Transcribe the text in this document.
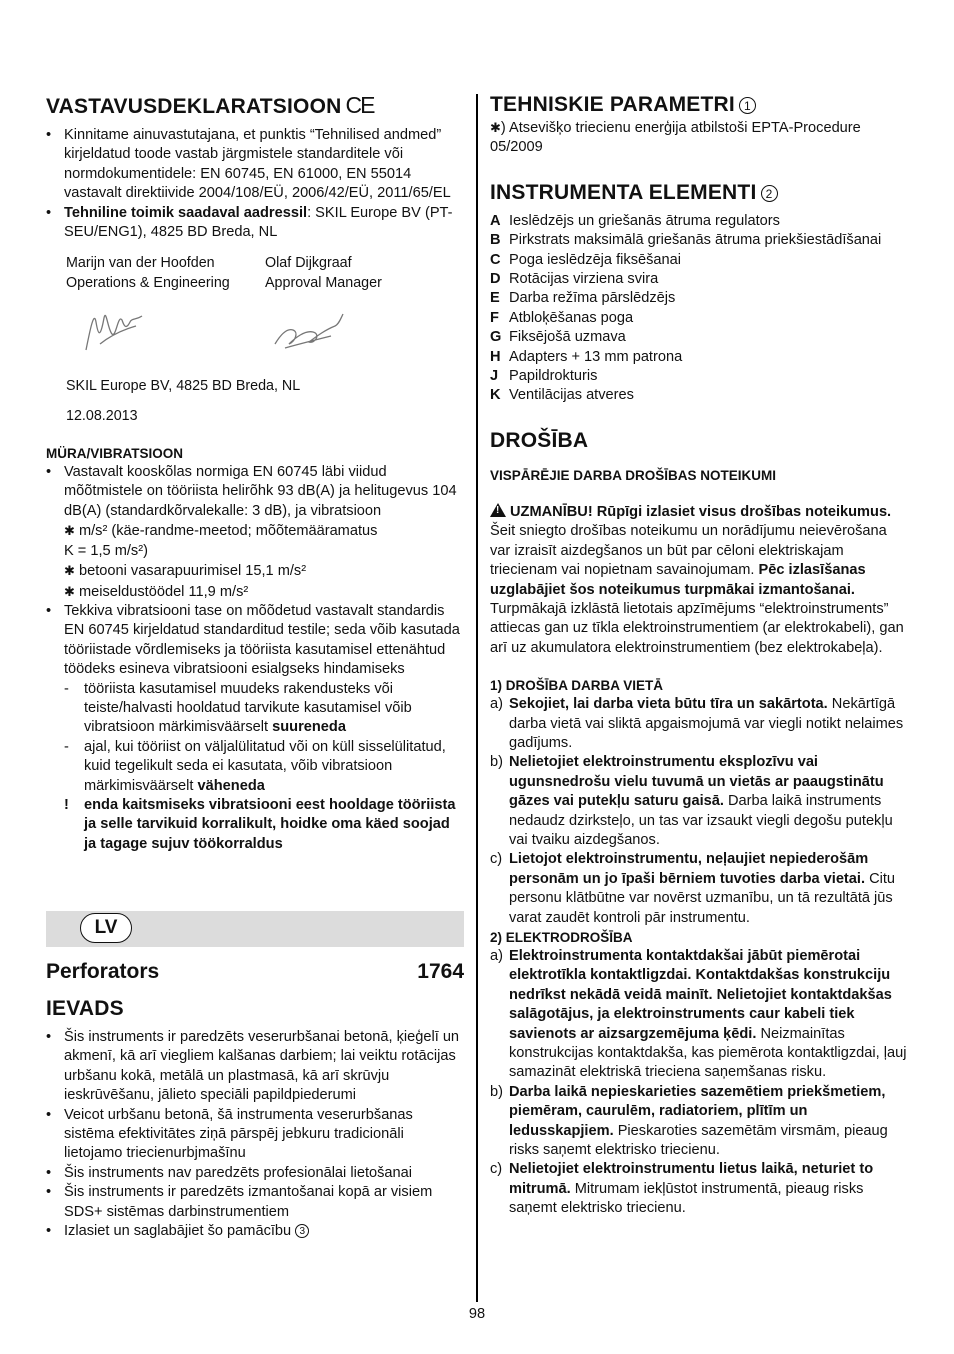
VASTAVUSDEKLARATSIOON CE
• Kinnitame ainuvastutajana, et punktis “Tehnilised andmed” kirjeldatud toode vastab järgmistele standarditele või normdokumentidele: EN 60745, EN 61000, EN 55014 vastavalt direktiivide 2004/108/EÜ, 2006/42/EÜ, 2011/65/EL
• Tehniline toimik saadaval aadressil: SKIL Europe BV (PT-SEU/ENG1), 4825 BD Breda, NL
Marijn van der Hoofden
Operations & Engineering
Olaf Dijkgraaf
Approval Manager
SKIL Europe BV, 4825 BD Breda, NL
12.08.2013
MÜRA/VIBRATSIOON
• Vastavalt kooskõlas normiga EN 60745 läbi viidud mõõtmistele on tööriista helirõhk 93 dB(A) ja helitugevus 104 dB(A) (standardkõrvalekalle: 3 dB), ja vibratsioon
✱ m/s² (käe-randme-meetod; mõõtemääramatus
K = 1,5 m/s²)
✱ betooni vasarapuurimisel 15,1 m/s²
✱ meiseldustöödel 11,9 m/s²
• Tekkiva vibratsiooni tase on mõõdetud vastavalt standardis EN 60745 kirjeldatud standarditud testile; seda võib kasutada tööriistade võrdlemiseks ja tööriista kasutamisel ettenähtud töödeks esineva vibratsiooni esialgseks hindamiseks
- tööriista kasutamisel muudeks rakendusteks või teiste/halvasti hooldatud tarvikute kasutamisel võib vibratsioon märkimisväärselt suureneda
- ajal, kui tööriist on väljalülitatud või on küll sisselülitatud, kuid tegelikult seda ei kasutata, võib vibratsioon märkimisväärselt väheneda
! enda kaitsmiseks vibratsiooni eest hooldage tööriista ja selle tarvikuid korralikult, hoidke oma käed soojad ja tagage sujuv töökorraldus
LV
Perforators	1764
IEVADS
• Šis instruments ir paredzēts veserurbšanai betonā, ķieģelī un akmenī, kā arī viegliem kalšanas darbiem; lai veiktu rotācijas urbšanu kokā, metālā un plastmasā, kā arī skrūvju ieskrūvēšanu, jālieto speciāli papildpiederumi
• Veicot urbšanu betonā, šā instrumenta veserurbšanas sistēma efektivitātes ziņā pārspēj jebkuru tradicionāli lietojamo triecienurbjmašīnu
• Šis instruments nav paredzēts profesionālai lietošanai
• Šis instruments ir paredzēts izmantošanai kopā ar visiem SDS+ sistēmas darbinstrumentiem
• Izlasiet un saglabājiet šo pamācību 3
TEHNISKIE PARAMETRI 1
✱) Atsevišķo triecienu enerģija atbilstoši EPTA-Procedure 05/2009
INSTRUMENTA ELEMENTI 2
A Ieslēdzējs un griešanās ātruma regulators
B Pirkstrats maksimālā griešanās ātruma priekšiestādīšanai
C Poga ieslēdzēja fiksēšanai
D Rotācijas virziena svira
E Darba režīma pārslēdzējs
F Atbloķēšanas poga
G Fiksējošā uzmava
H Adapters + 13 mm patrona
J Papildrokturis
K Ventilācijas atveres
DROŠĪBA
VISPĀRĒJIE DARBA DROŠĪBAS NOTEIKUMI
!UZMANĪBU! Rūpīgi izlasiet visus drošības noteikumus. Šeit sniegto drošības noteikumu un norādījumu neievērošana var izraisīt aizdegšanos un būt par cēloni elektriskajam triecienam vai nopietnam savainojumam. Pēc izlasīšanas uzglabājiet šos noteikumus turpmākai izmantošanai. Turpmākajā izklāstā lietotais apzīmējums “elektroinstruments” attiecas gan uz tīkla elektroinstrumentiem (ar elektrokabeli), gan arī uz akumulatora elektroinstrumentiem (bez elektrokabeļa).
1) DROŠĪBA DARBA VIETĀ
a) Sekojiet, lai darba vieta būtu tīra un sakārtota. Nekārtīgā darba vietā vai sliktā apgaismojumā var viegli notikt nelaimes gadījums.
b) Nelietojiet elektroinstrumentu eksplozīvu vai ugunsnedrošu vielu tuvumā un vietās ar paaugstinātu gāzes vai putekļu saturu gaisā. Darba laikā instruments nedaudz dzirksteļo, un tas var izsaukt viegli degošu putekļu vai tvaiku aizdegšanos.
c) Lietojot elektroinstrumentu, neļaujiet nepiederošām personām un jo īpaši bērniem tuvoties darba vietai. Citu personu klātbūtne var novērst uzmanību, un tā rezultātā jūs varat zaudēt kontroli pār instrumentu.
2) ELEKTRODROŠĪBA
a) Elektroinstrumenta kontaktdakšai jābūt piemērotai elektrotīkla kontaktligzdai. Kontaktdakšas konstrukciju nedrīkst nekādā veidā mainīt. Nelietojiet kontaktdakšas salāgotājus, ja elektroinstruments caur kabeli tiek savienots ar aizsargzemējuma ķēdi. Neizmainītas konstrukcijas kontaktdakša, kas piemērota kontaktligzdai, ļauj samazināt elektriskā trieciena saņemšanas risku.
b) Darba laikā nepieskarieties sazemētiem priekšmetiem, piemēram, caurulēm, radiatoriem, plītīm un ledusskapjiem. Pieskaroties sazemētām virsmām, pieaug risks saņemt elektrisko triecienu.
c) Nelietojiet elektroinstrumentu lietus laikā, neturiet to mitrumā. Mitrumam iekļūstot instrumentā, pieaug risks saņemt elektrisko triecienu.
98
